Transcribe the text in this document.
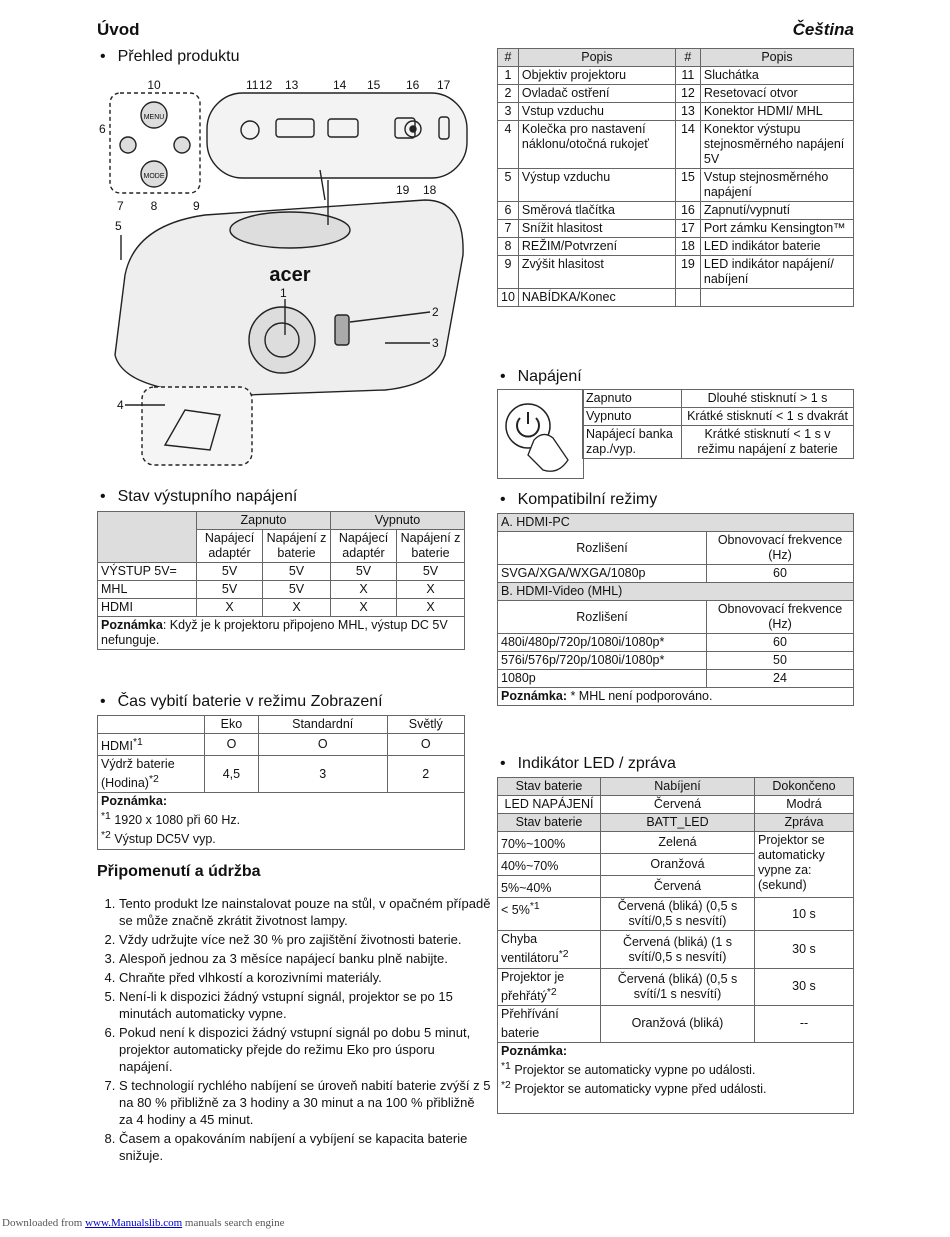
Úvod	Čeština
• Přehled produktu
MENU
MODE
acer
10	11 12 13	14 15 16 17
6
7 8	9
19 18
5
1
2
3
4
#	Popis	#	Popis
1	Objektiv projektoru	11	Sluchátka
2	Ovladač ostření	12	Resetovací otvor
3	Vstup vzduchu	13	Konektor HDMI/ MHL
4	Kolečka pro nastavení náklonu/otočná rukojeť	14	Konektor výstupu stejnosměrného napájení 5V
5	Výstup vzduchu	15	Vstup stejnosměrného napájení
6	Směrová tlačítka	16	Zapnutí/vypnutí
7	Snížit hlasitost	17	Port zámku Kensington™
8	REŽIM/Potvrzení	18	LED indikátor baterie
9	Zvýšit hlasitost	19	LED indikátor napájení/ nabíjení
10	NABÍDKA/Konec		
• Napájení
Zapnuto	Dlouhé stisknutí > 1 s
Vypnuto	Krátké stisknutí < 1 s dvakrát
Napájecí banka zap./vyp.	Krátké stisknutí < 1 s v režimu napájení z baterie
• Stav výstupního napájení
	Zapnuto		Vypnuto	
	Napájecí adaptér	Napájení z baterie	Napájecí adaptér	Napájení z baterie
VÝSTUP 5V=	5V	5V	5V	5V
MHL	5V	5V	X	X
HDMI	X	X	X	X
Poznámka: Když je k projektoru připojeno MHL, výstup DC 5V nefunguje.				
• Čas vybití baterie v režimu Zobrazení
	Eko	Standardní	Světlý
HDMI$^{*1}$	O	O	O
Výdrž baterie (Hodina)$^{*2}$	4,5	3	2
Poznámka:
$^{*1}$ 1920 x 1080 při 60 Hz.
$^{*2}$ Výstup DC5V vyp.			
Připomenutí a údržba
1. Tento produkt lze nainstalovat pouze na stůl, v opačném případě se může značně zkrátit životnost lampy.
2. Vždy udržujte více než 30 % pro zajištění životnosti baterie.
3. Alespoň jednou za 3 měsíce napájecí banku plně nabijte.
4. Chraňte před vlhkostí a korozivními materiály.
5. Není-li k dispozici žádný vstupní signál, projektor se po 15 minutách automaticky vypne.
6. Pokud není k dispozici žádný vstupní signál po dobu 5 minut, projektor automaticky přejde do režimu Eko pro úsporu napájení.
7. S technologií rychlého nabíjení se úroveň nabití baterie zvýší z 5 na 80 % přibližně za 3 hodiny a 30 minut a na 100 % přibližně za 4 hodiny a 45 minut.
8. Časem a opakováním nabíjení a vybíjení se kapacita baterie snižuje.
• Kompatibilní režimy
A. HDMI-PC	
Rozlišení	Obnovovací frekvence (Hz)
SVGA/XGA/WXGA/1080p	60
B. HDMI-Video (MHL)	
Rozlišení	Obnovovací frekvence (Hz)
480i/480p/720p/1080i/1080p*	60
576i/576p/720p/1080i/1080p*	50
1080p	24
Poznámka: * MHL není podporováno.	
• Indikátor LED / zpráva
Stav baterie	Nabíjení	Dokončeno
LED NAPÁJENÍ	Červená	Modrá
Stav baterie	BATT_LED	Zpráva
70%~100%	Zelená	Projektor se automaticky vypne za: (sekund)
40%~70%	Oranžová	
5%~40%	Červená	
< 5%$^{*1}$	Červená (bliká) (0,5 s svítí/0,5 s nesvítí)	10 s
Chyba ventilátoru$^{*2}$	Červená (bliká) (1 s svítí/0,5 s nesvítí)	30 s
Projektor je přehřátý$^{*2}$	Červená (bliká) (0,5 s svítí/1 s nesvítí)	30 s
Přehřívání baterie	Oranžová (bliká)	--
Poznámka:
$^{*1}$ Projektor se automaticky vypne po události.
$^{*2}$ Projektor se automaticky vypne před události.		

Downloaded from www.Manualslib.com manuals search engine
